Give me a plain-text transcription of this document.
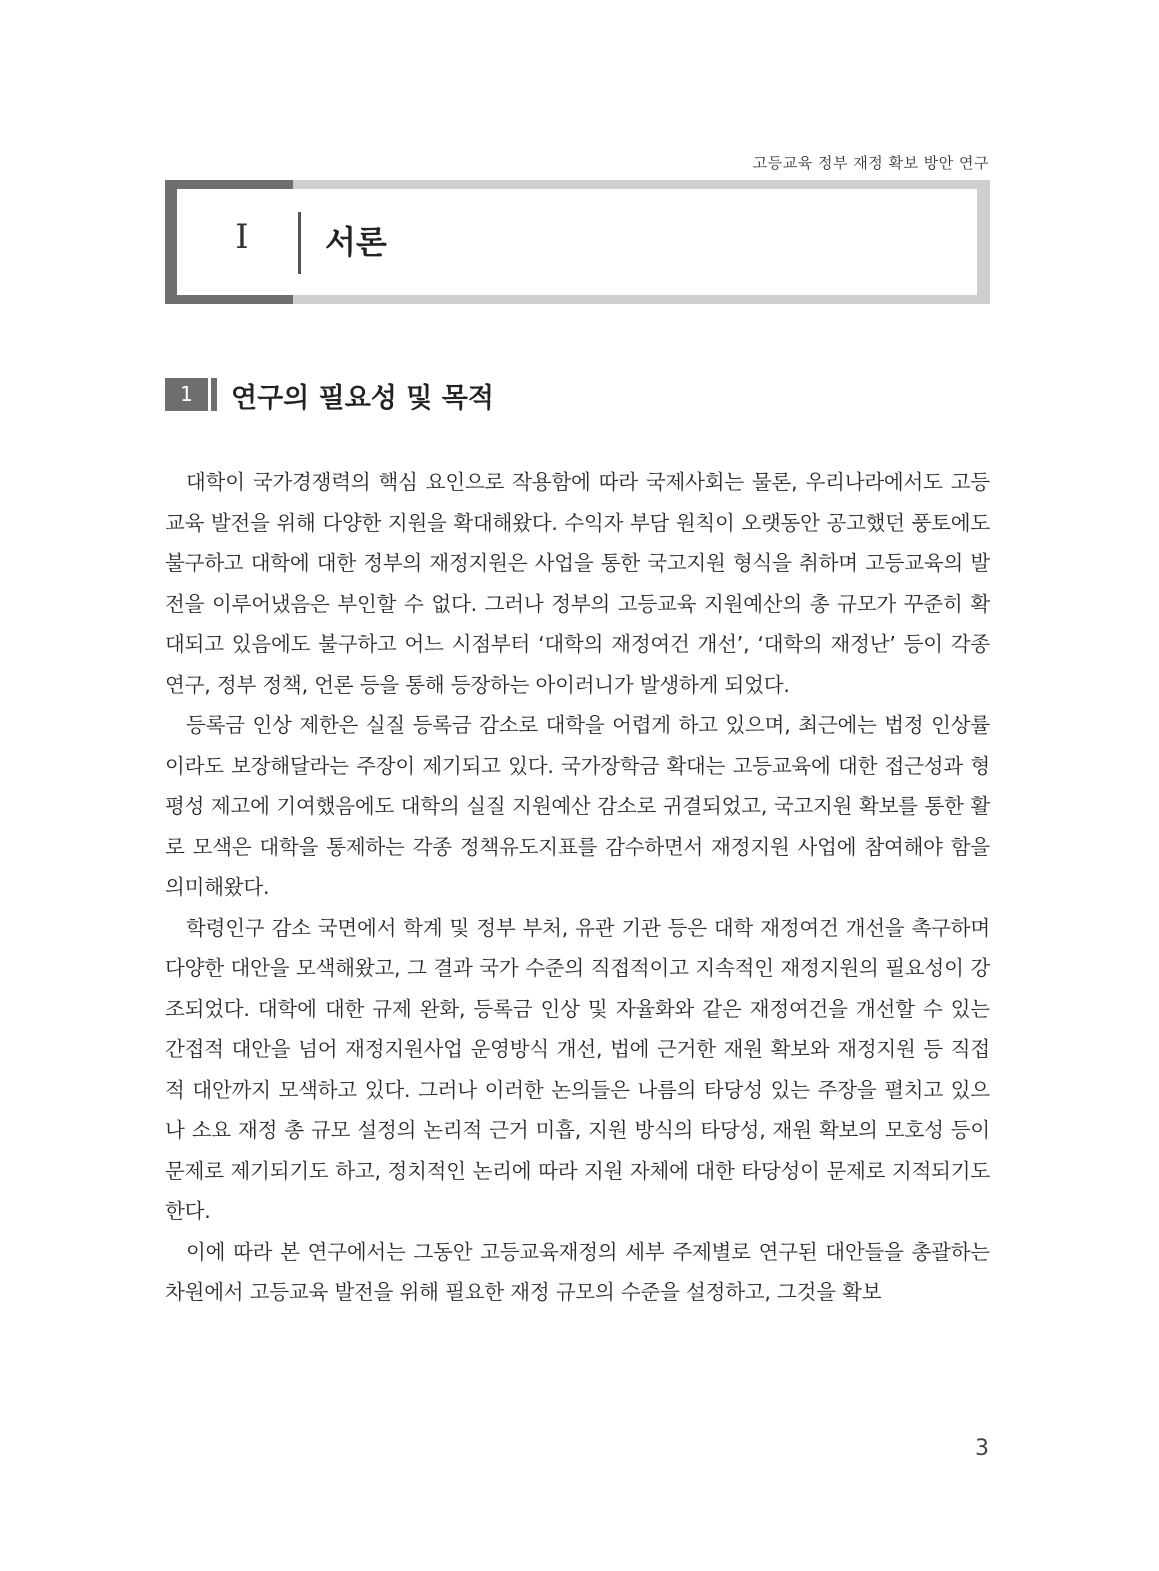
고등교육 정부 재정 확보 방안 연구
I 서론
1	연구의 필요성 및 목적

대학이 국가경쟁력의 핵심 요인으로 작용함에 따라 국제사회는 물론, 우리나라에서도 고등교육 발전을 위해 다양한 지원을 확대해왔다. 수익자 부담 원칙이 오랫동안 공고했던 풍토에도 불구하고 대학에 대한 정부의 재정지원은 사업을 통한 국고지원 형식을 취하며 고등교육의 발전을 이루어냈음은 부인할 수 없다. 그러나 정부의 고등교육 지원예산의 총 규모가 꾸준히 확대되고 있음에도 불구하고 어느 시점부터 ‘대학의 재정여건 개선’, ‘대학의 재정난’ 등이 각종 연구, 정부 정책, 언론 등을 통해 등장하는 아이러니가 발생하게 되었다.

등록금 인상 제한은 실질 등록금 감소로 대학을 어렵게 하고 있으며, 최근에는 법정 인상률이라도 보장해달라는 주장이 제기되고 있다. 국가장학금 확대는 고등교육에 대한 접근성과 형평성 제고에 기여했음에도 대학의 실질 지원예산 감소로 귀결되었고, 국고지원 확보를 통한 활로 모색은 대학을 통제하는 각종 정책유도지표를 감수하면서 재정지원 사업에 참여해야 함을 의미해왔다.

학령인구 감소 국면에서 학계 및 정부 부처, 유관 기관 등은 대학 재정여건 개선을 촉구하며 다양한 대안을 모색해왔고, 그 결과 국가 수준의 직접적이고 지속적인 재정지원의 필요성이 강조되었다. 대학에 대한 규제 완화, 등록금 인상 및 자율화와 같은 재정여건을 개선할 수 있는 간접적 대안을 넘어 재정지원사업 운영방식 개선, 법에 근거한 재원 확보와 재정지원 등 직접적 대안까지 모색하고 있다. 그러나 이러한 논의들은 나름의 타당성 있는 주장을 펼치고 있으나 소요 재정 총 규모 설정의 논리적 근거 미흡, 지원 방식의 타당성, 재원 확보의 모호성 등이 문제로 제기되기도 하고, 정치적인 논리에 따라 지원 자체에 대한 타당성이 문제로 지적되기도 한다.

이에 따라 본 연구에서는 그동안 고등교육재정의 세부 주제별로 연구된 대안들을 총괄하는 차원에서 고등교육 발전을 위해 필요한 재정 규모의 수준을 설정하고, 그것을 확보

3
